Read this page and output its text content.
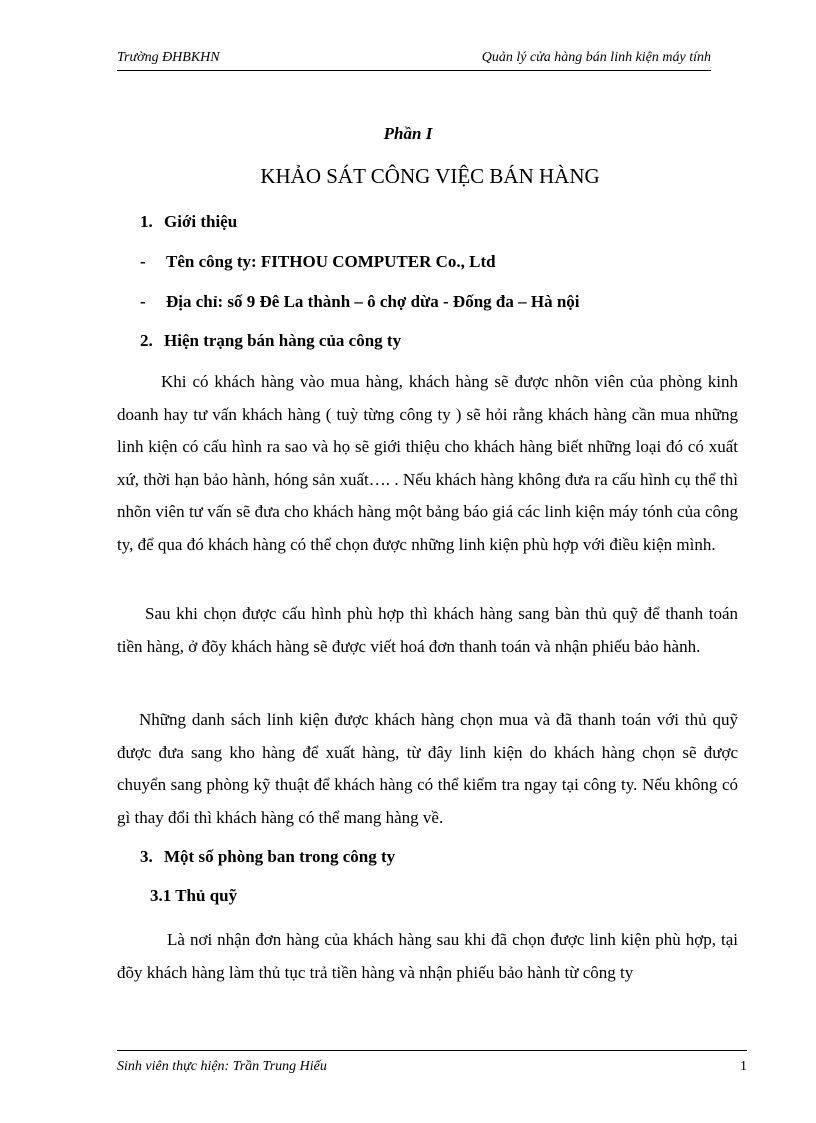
Trường ĐHBKHN	Quản lý cửa hàng bán linh kiện máy tính
Phần I
KHẢO SÁT CÔNG VIỆC BÁN HÀNG
1. Giới thiệu
- Tên công ty: FITHOU COMPUTER Co., Ltd
- Địa chỉ: số 9 Đê La thành – ô chợ dừa - Đống đa – Hà nội
2. Hiện trạng bán hàng của công ty
Khi có khách hàng vào mua hàng, khách hàng sẽ được nhõn viên của phòng kinh doanh hay tư vấn khách hàng ( tuỳ từng công ty ) sẽ hỏi rằng khách hàng cần mua những linh kiện có cấu hình ra sao và họ sẽ giới thiệu cho khách hàng biết những loại đó có xuất xứ, thời hạn bảo hành, hóng sản xuất…. . Nếu khách hàng không đưa ra cấu hình cụ thể thì nhõn viên tư vấn sẽ đưa cho khách hàng một bảng báo giá các linh kiện máy tónh của công ty, để qua đó khách hàng có thể chọn được những linh kiện phù hợp với điều kiện mình.
Sau khi chọn được cấu hình phù hợp thì khách hàng sang bàn thủ quỹ để thanh toán tiền hàng, ở đõy khách hàng sẽ được viết hoá đơn thanh toán và nhận phiếu bảo hành.
Những danh sách linh kiện được khách hàng chọn mua và đã thanh toán với thủ quỹ được đưa sang kho hàng để xuất hàng, từ đây linh kiện do khách hàng chọn sẽ được chuyển sang phòng kỹ thuật để khách hàng có thể kiểm tra ngay tại công ty. Nếu không có gì thay đổi thì khách hàng có thể mang hàng về.
3. Một số phòng ban trong công ty
3.1 Thủ quỹ
Là nơi nhận đơn hàng của khách hàng sau khi đã chọn được linh kiện phù hợp, tại đõy khách hàng làm thủ tục trả tiền hàng và nhận phiếu bảo hành từ công ty
Sinh viên thực hiện: Trần Trung Hiếu	1
